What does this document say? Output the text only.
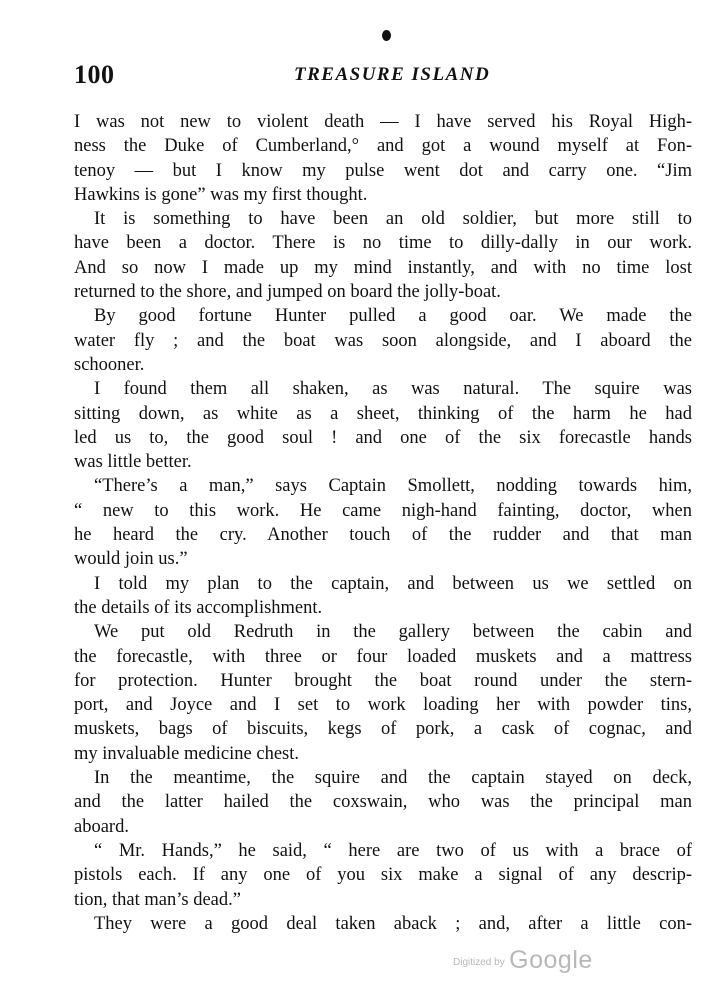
100	TREASURE ISLAND
I was not new to violent death — I have served his Royal High-
ness the Duke of Cumberland,° and got a wound myself at Fon-
tenoy — but I know my pulse went dot and carry one. “Jim
Hawkins is gone” was my first thought.
It is something to have been an old soldier, but more still to
have been a doctor. There is no time to dilly-dally in our work.
And so now I made up my mind instantly, and with no time lost
returned to the shore, and jumped on board the jolly-boat.
By good fortune Hunter pulled a good oar. We made the
water fly ; and the boat was soon alongside, and I aboard the
schooner.
I found them all shaken, as was natural. The squire was
sitting down, as white as a sheet, thinking of the harm he had
led us to, the good soul ! and one of the six forecastle hands
was little better.
“There’s a man,” says Captain Smollett, nodding towards him,
“ new to this work. He came nigh-hand fainting, doctor, when
he heard the cry. Another touch of the rudder and that man
would join us.”
I told my plan to the captain, and between us we settled on
the details of its accomplishment.
We put old Redruth in the gallery between the cabin and
the forecastle, with three or four loaded muskets and a mattress
for protection. Hunter brought the boat round under the stern-
port, and Joyce and I set to work loading her with powder tins,
muskets, bags of biscuits, kegs of pork, a cask of cognac, and
my invaluable medicine chest.
In the meantime, the squire and the captain stayed on deck,
and the latter hailed the coxswain, who was the principal man
aboard.
“ Mr. Hands,” he said, “ here are two of us with a brace of
pistols each. If any one of you six make a signal of any descrip-
tion, that man’s dead.”
They were a good deal taken aback ; and, after a little con-
Digitized by Google
